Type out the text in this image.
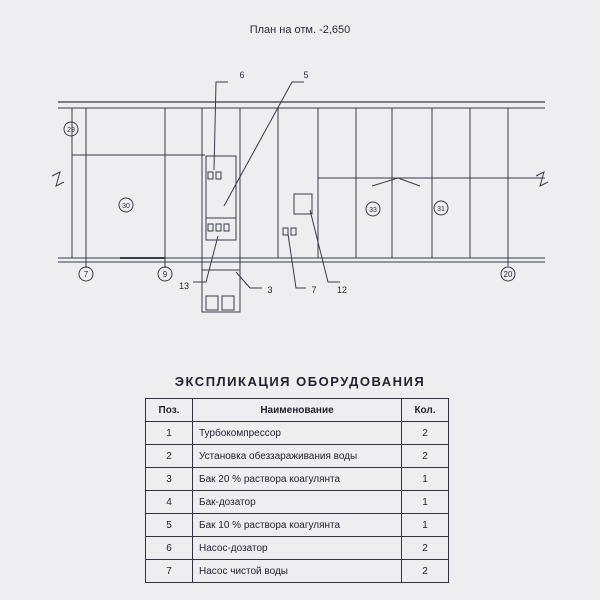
План на отм. -2,650
6	5
13	3	7 12
29
30
33	31
7	9	20
ЭКСПЛИКАЦИЯ ОБОРУДОВАНИЯ
Поз.	Наименование	Кол.
1	Турбокомпрессор	2
2	Установка обеззараживания воды	2
3	Бак 20 % раствора коагулянта	1
4	Бак-дозатор	1
5	Бак 10 % раствора коагулянта	1
6	Насос-дозатор	2
7	Насос чистой воды	2
